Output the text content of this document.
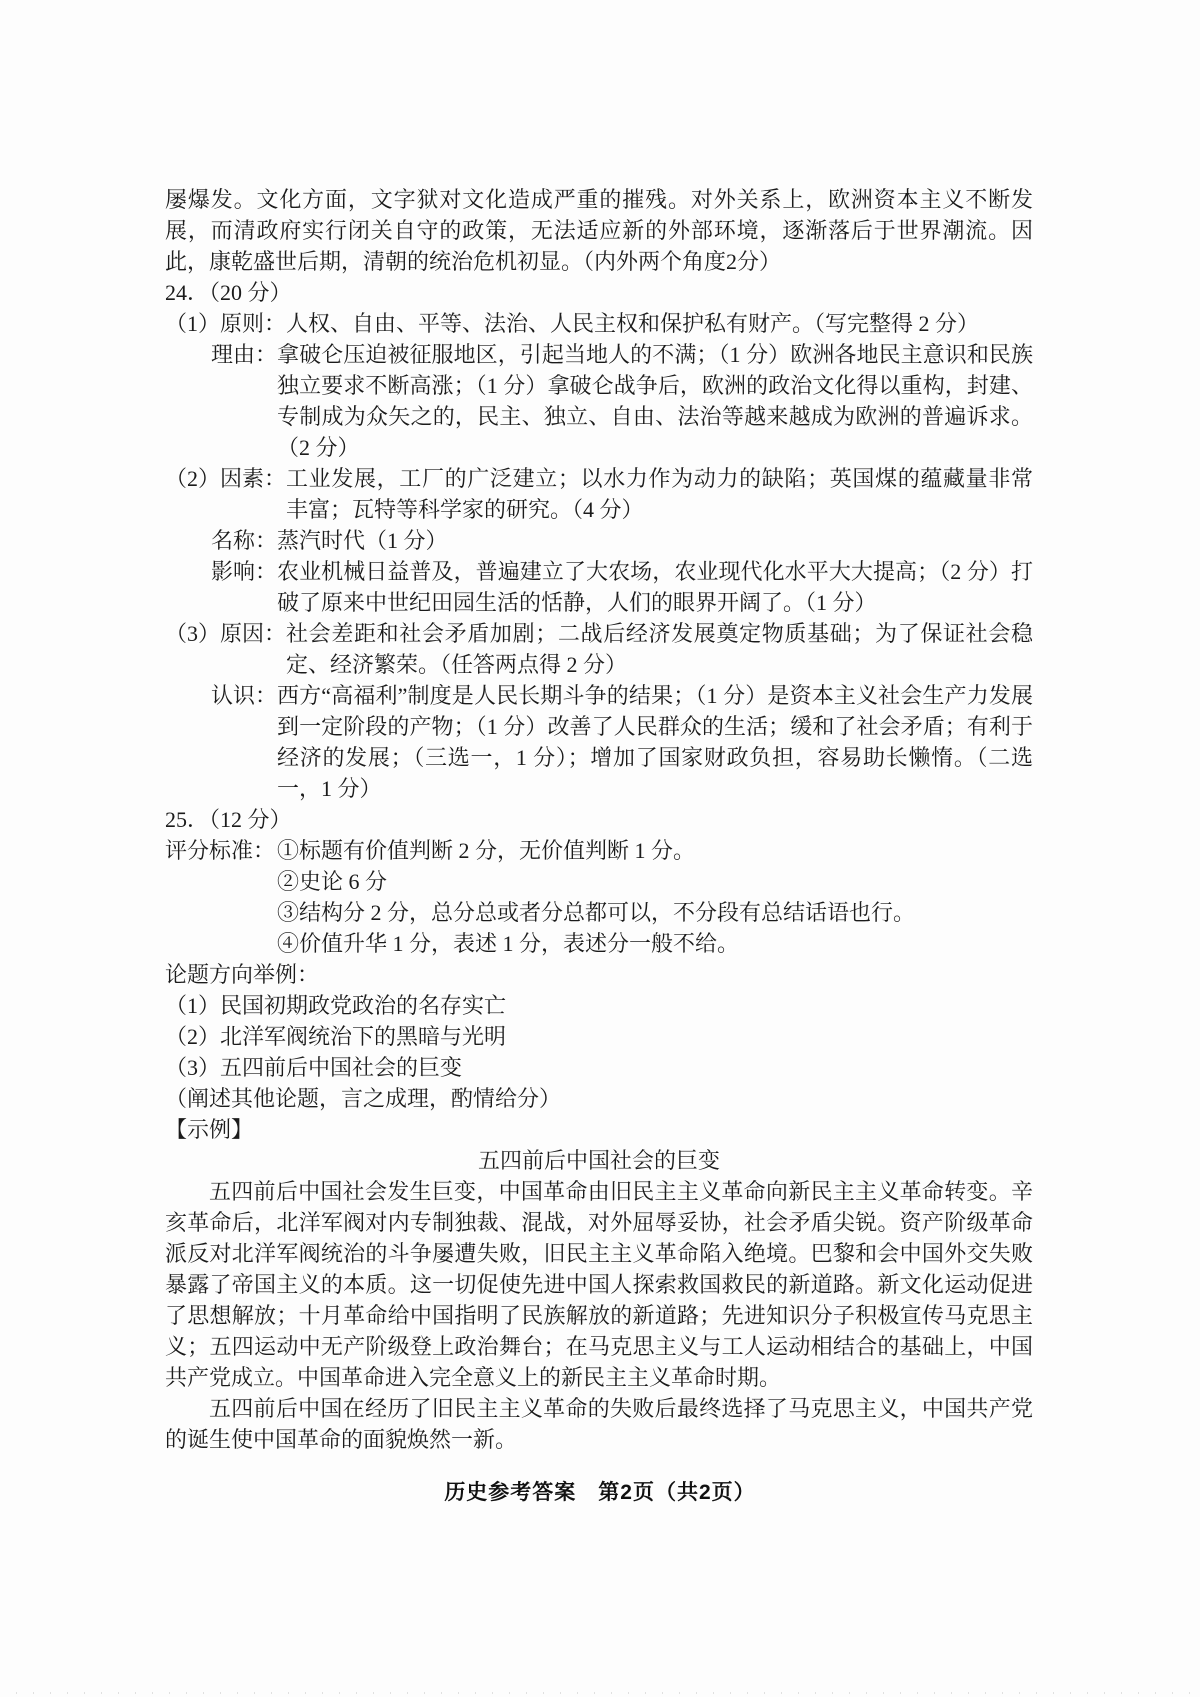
屡爆发。文化方面，文字狱对文化造成严重的摧残。对外关系上，欧洲资本主义不断发展，而清政府实行闭关自守的政策，无法适应新的外部环境，逐渐落后于世界潮流。因此，康乾盛世后期，清朝的统治危机初显。（内外两个角度2分）

24．（20 分）
（1） 原则： 人权、自由、平等、法治、人民主权和保护私有财产。（写完整得 2 分）
理由： 拿破仑压迫被征服地区，引起当地人的不满；（1 分）欧洲各地民主意识和民族独立要求不断高涨；（1 分）拿破仑战争后，欧洲的政治文化得以重构，封建、专制成为众矢之的，民主、独立、自由、法治等越来越成为欧洲的普遍诉求。（2 分）
（2） 因素： 工业发展，工厂的广泛建立；以水力作为动力的缺陷；英国煤的蕴藏量非常丰富；瓦特等科学家的研究。（4 分）
名称： 蒸汽时代（1 分）
影响： 农业机械日益普及，普遍建立了大农场，农业现代化水平大大提高；（2 分）打破了原来中世纪田园生活的恬静，人们的眼界开阔了。（1 分）
（3） 原因： 社会差距和社会矛盾加剧；二战后经济发展奠定物质基础；为了保证社会稳定、经济繁荣。（任答两点得 2 分）
认识： 西方“高福利”制度是人民长期斗争的结果；（1 分）是资本主义社会生产力发展到一定阶段的产物；（1 分）改善了人民群众的生活；缓和了社会矛盾；有利于经济的发展；（三选一，1 分）；增加了国家财政负担，容易助长懒惰。（二选一，1 分）
25．（12 分）
评分标准： ①标题有价值判断 2 分，无价值判断 1 分。
②史论 6 分
③结构分 2 分，总分总或者分总都可以，不分段有总结话语也行。
④价值升华 1 分，表述 1 分，表述分一般不给。
论题方向举例：
（1）民国初期政党政治的名存实亡
（2）北洋军阀统治下的黑暗与光明
（3）五四前后中国社会的巨变
（阐述其他论题，言之成理，酌情给分）
【示例】
五四前后中国社会的巨变

五四前后中国社会发生巨变，中国革命由旧民主主义革命向新民主主义革命转变。辛亥革命后，北洋军阀对内专制独裁、混战，对外屈辱妥协，社会矛盾尖锐。资产阶级革命派反对北洋军阀统治的斗争屡遭失败，旧民主主义革命陷入绝境。巴黎和会中国外交失败暴露了帝国主义的本质。这一切促使先进中国人探索救国救民的新道路。新文化运动促进了思想解放；十月革命给中国指明了民族解放的新道路；先进知识分子积极宣传马克思主义；五四运动中无产阶级登上政治舞台；在马克思主义与工人运动相结合的基础上，中国共产党成立。中国革命进入完全意义上的新民主主义革命时期。

五四前后中国在经历了旧民主主义革命的失败后最终选择了马克思主义，中国共产党的诞生使中国革命的面貌焕然一新。

历史参考答案　第2页（共2页）
